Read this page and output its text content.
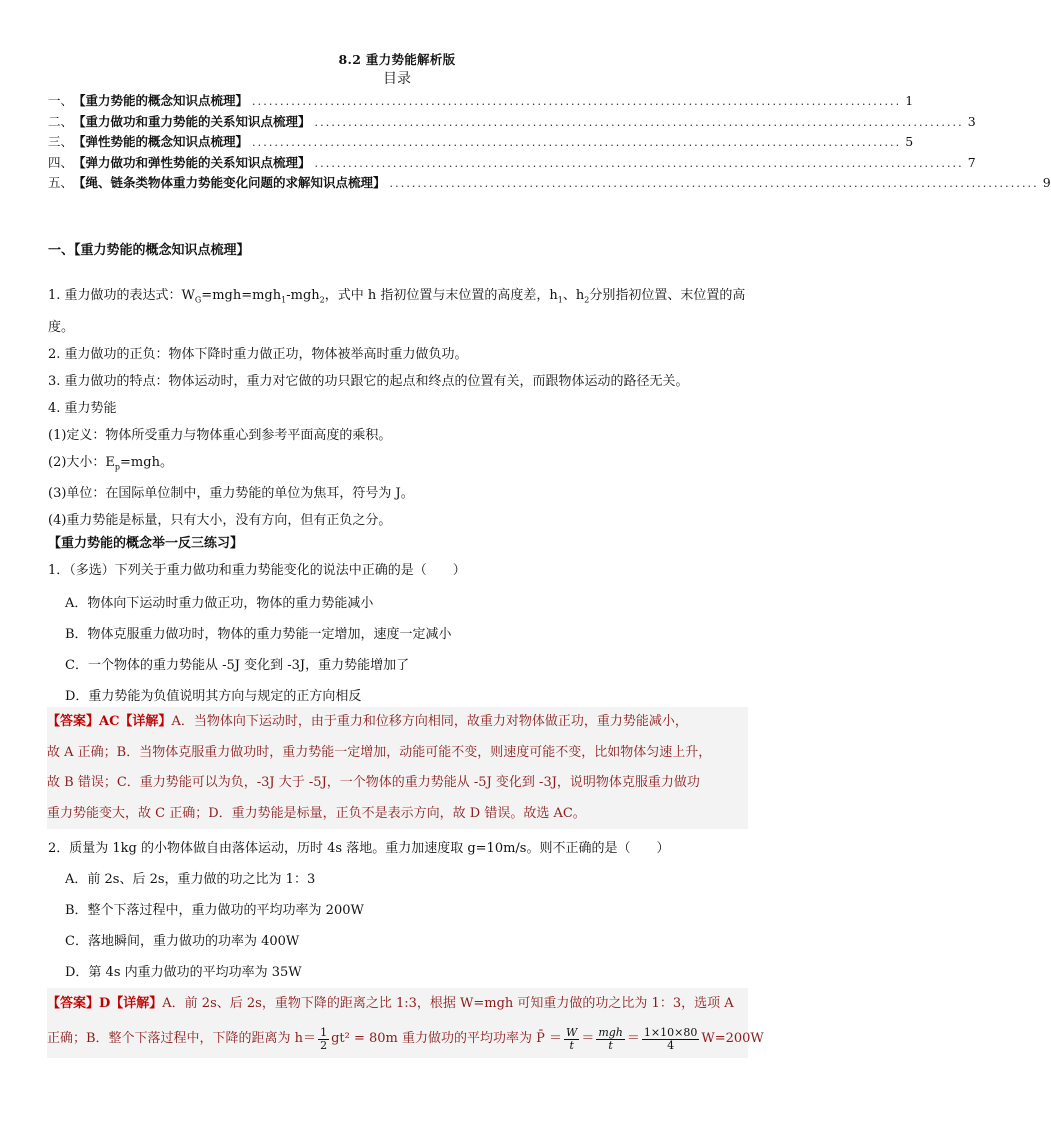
8.2 重力势能解析版
目录
一、 【重力势能的概念知识点梳理】 .................................................................................................................... 1
二、 【重力做功和重力势能的关系知识点梳理】 .................................................................................................................... 3
三、 【弹性势能的概念知识点梳理】 .................................................................................................................... 5
四、 【弹力做功和弹性势能的关系知识点梳理】 .................................................................................................................... 7
五、 【绳、链条类物体重力势能变化问题的求解知识点梳理】 .................................................................................................................... 9
一、【重力势能的概念知识点梳理】
1. 重力做功的表达式：$W_G=mgh=mgh_1-mgh_2$，式中 h 指初位置与末位置的高度差，$h_1$、$h_2$分别指初位置、末位置的高
度。
2. 重力做功的正负：物体下降时重力做正功，物体被举高时重力做负功。
3. 重力做功的特点：物体运动时，重力对它做的功只跟它的起点和终点的位置有关，而跟物体运动的路径无关。
4. 重力势能
(1)定义：物体所受重力与物体重心到参考平面高度的乘积。
(2)大小：$E_p=mgh$。
(3)单位：在国际单位制中，重力势能的单位为焦耳，符号为 J。
(4)重力势能是标量，只有大小，没有方向，但有正负之分。
【重力势能的概念举一反三练习】
1．（多选）下列关于重力做功和重力势能变化的说法中正确的是（　　）
A．物体向下运动时重力做正功，物体的重力势能减小
B．物体克服重力做功时，物体的重力势能一定增加，速度一定减小
C．一个物体的重力势能从 -5J 变化到 -3J，重力势能增加了
D．重力势能为负值说明其方向与规定的正方向相反
【答案】AC【详解】A．当物体向下运动时，由于重力和位移方向相同，故重力对物体做正功，重力势能减小，
故 A 正确；B．当物体克服重力做功时，重力势能一定增加，动能可能不变，则速度可能不变，比如物体匀速上升，
故 B 错误；C．重力势能可以为负，-3J 大于 -5J，一个物体的重力势能从 -5J 变化到 -3J，说明物体克服重力做功
重力势能变大，故 C 正确；D．重力势能是标量，正负不是表示方向，故 D 错误。故选 AC。
2．质量为 1kg 的小物体做自由落体运动，历时 4s 落地。重力加速度取 g=10m/s。则不正确的是（　　）
A．前 2s、后 2s，重力做的功之比为 1：3
B．整个下落过程中，重力做功的平均功率为 200W
C．落地瞬间，重力做功的功率为 400W
D．第 4s 内重力做功的平均功率为 35W
【答案】D【详解】A．前 2s、后 2s，重物下降的距离之比 1:3，根据 W=mgh 可知重力做的功之比为 1：3，选项 A
正确；B．整个下落过程中，下降的距离为 $h= \frac{1}{2} gt^2 = 80m$ 重力做功的平均功率为 P̄ ＝ $\frac{W}{t} = \frac{\text{mgh}}{t} = \frac{1\times 10\times 80}{4} W=200W$
